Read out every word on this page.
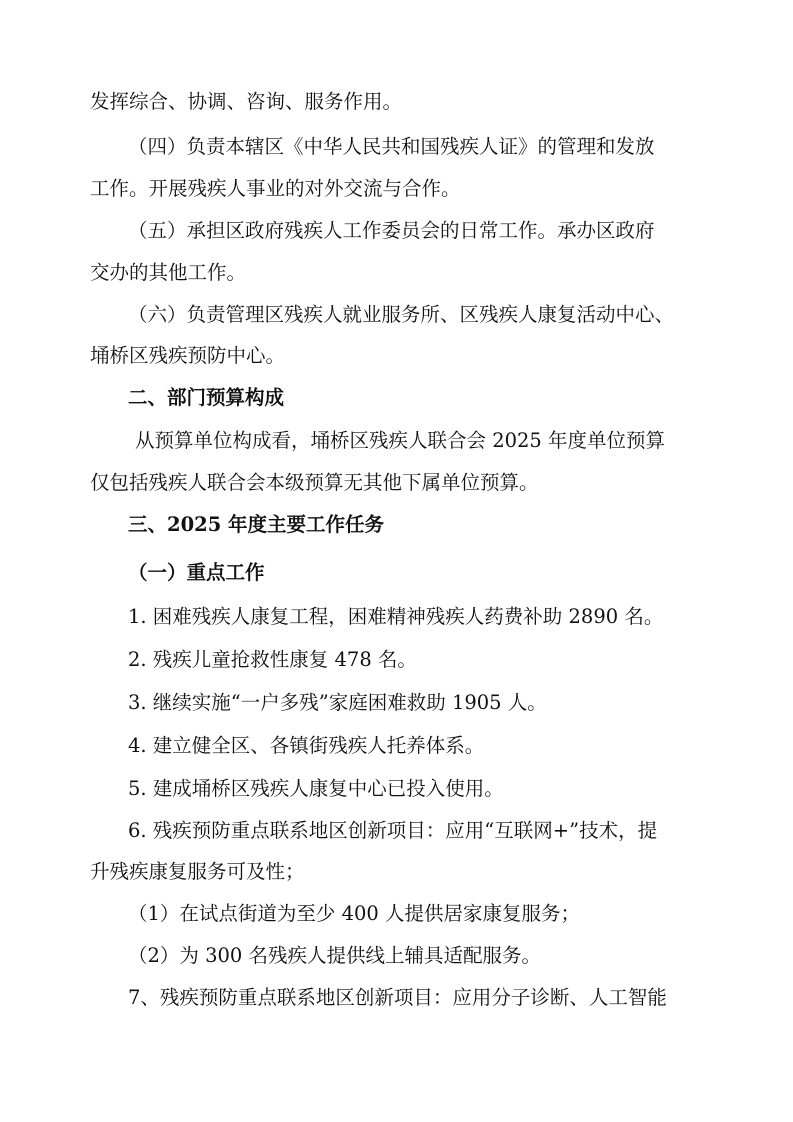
发挥综合、协调、咨询、服务作用。
（四）负责本辖区《中华人民共和国残疾人证》的管理和发放
工作。开展残疾人事业的对外交流与合作。
（五）承担区政府残疾人工作委员会的日常工作。承办区政府
交办的其他工作。
（六）负责管理区残疾人就业服务所、区残疾人康复活动中心、
埇桥区残疾预防中心。
二、部门预算构成
从预算单位构成看，埇桥区残疾人联合会 2025 年度单位预算
仅包括残疾人联合会本级预算无其他下属单位预算。
三、2025 年度主要工作任务
（一）重点工作
1. 困难残疾人康复工程，困难精神残疾人药费补助 2890 名。
2. 残疾儿童抢救性康复 478 名。
3. 继续实施“一户多残”家庭困难救助 1905 人。
4. 建立健全区、各镇街残疾人托养体系。
5. 建成埇桥区残疾人康复中心已投入使用。
6. 残疾预防重点联系地区创新项目：应用“互联网+”技术，提
升残疾康复服务可及性；
（1）在试点街道为至少 400 人提供居家康复服务；
（2）为 300 名残疾人提供线上辅具适配服务。
7、残疾预防重点联系地区创新项目：应用分子诊断、人工智能
